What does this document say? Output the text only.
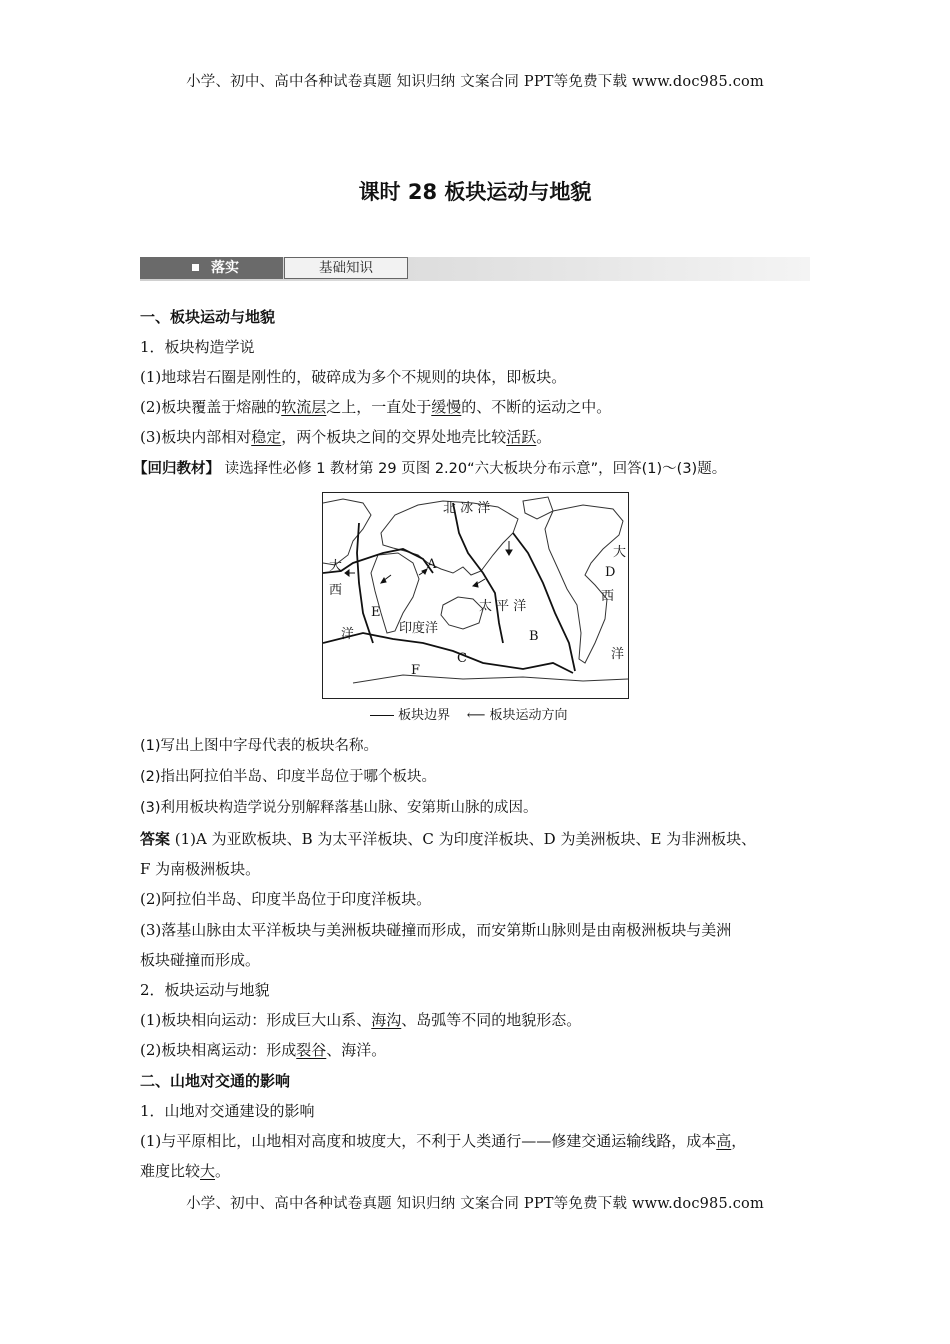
小学、初中、高中各种试卷真题 知识归纳 文案合同 PPT等免费下载 www.doc985.com
课时 28 板块运动与地貌
落实	基础知识
一、板块运动与地貌
1．板块构造学说
(1)地球岩石圈是刚性的，破碎成为多个不规则的块体，即板块。
(2)板块覆盖于熔融的软流层之上，一直处于缓慢的、不断的运动之中。
(3)板块内部相对稳定，两个板块之间的交界处地壳比较活跃。
【回归教材】 读选择性必修 1 教材第 29 页图 2.20“六大板块分布示意”，回答(1)～(3)题。
北 冰 洋
大
西
洋
大
西
洋
太 平 洋
印度洋
A
B
C
D
E
F
板块边界 ⟵ 板块运动方向
(1)写出上图中字母代表的板块名称。
(2)指出阿拉伯半岛、印度半岛位于哪个板块。
(3)利用板块构造学说分别解释落基山脉、安第斯山脉的成因。
答案 (1)A 为亚欧板块、B 为太平洋板块、C 为印度洋板块、D 为美洲板块、E 为非洲板块、
F 为南极洲板块。
(2)阿拉伯半岛、印度半岛位于印度洋板块。
(3)落基山脉由太平洋板块与美洲板块碰撞而形成，而安第斯山脉则是由南极洲板块与美洲
板块碰撞而形成。
2．板块运动与地貌
(1)板块相向运动：形成巨大山系、海沟、岛弧等不同的地貌形态。
(2)板块相离运动：形成裂谷、海洋。
二、山地对交通的影响
1．山地对交通建设的影响
(1)与平原相比，山地相对高度和坡度大，不利于人类通行——修建交通运输线路，成本高，
难度比较大。
小学、初中、高中各种试卷真题 知识归纳 文案合同 PPT等免费下载 www.doc985.com
